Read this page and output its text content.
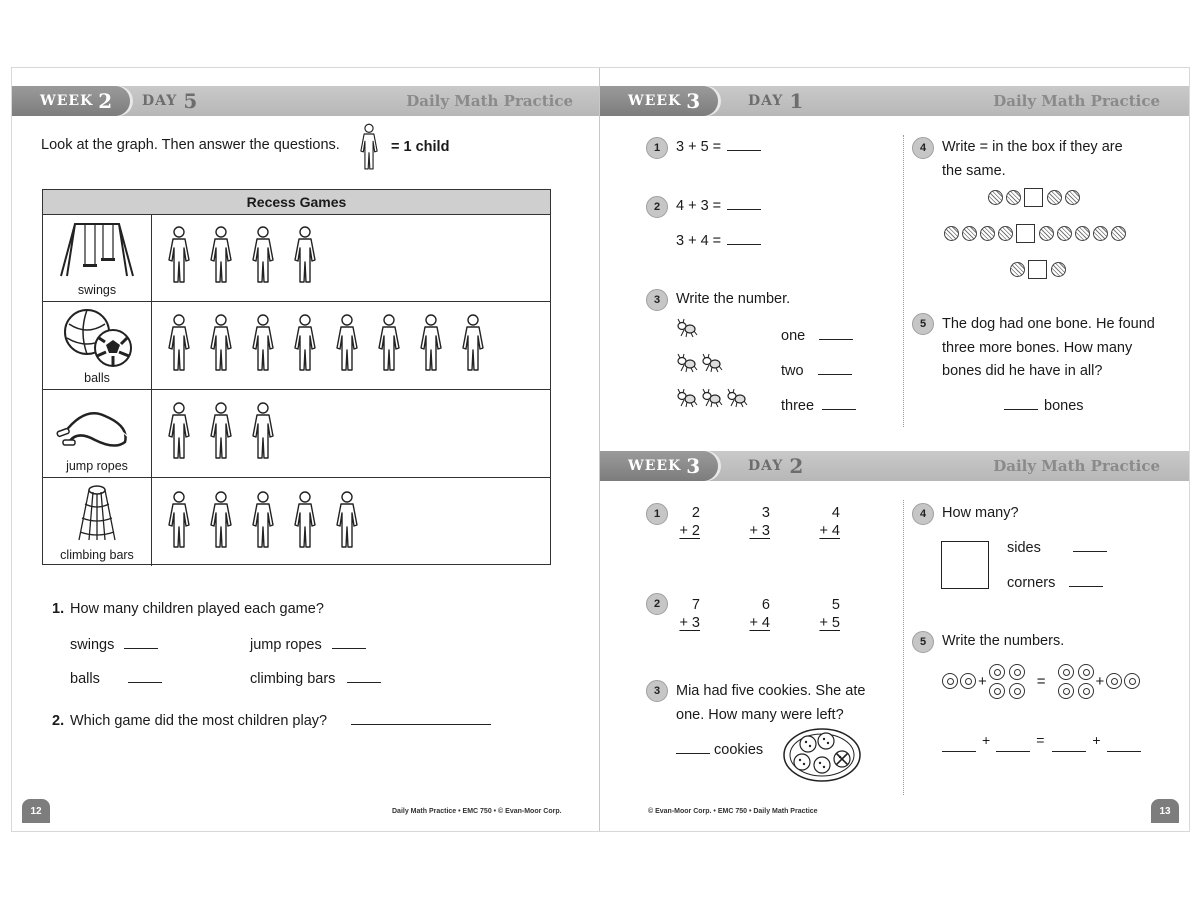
WEEK 2 DAY 5	Daily Math Practice
Look at the graph. Then answer the questions.	= 1 child
Recess Games
swings
balls
jump ropes
climbing bars
1. How many children played each game?
swings	jump ropes
balls	climbing bars
2. Which game did the most children play?
12	Daily Math Practice • EMC 750 • © Evan-Moor Corp.
WEEK 3	DAY 1	Daily Math Practice
1	3 + 5 =
2	4 + 3 =
3 + 4 =
3	Write the number.
one
two
three
4	Write = in the box if they are
the same.
5	The dog had one bone. He found
three more bones. How many
bones did he have in all?
bones
WEEK 3	DAY 2	Daily Math Practice
1	2
+ 2
3
+ 3
4
+ 4
2	7
+ 3
6
+ 4
5
+ 5
3	Mia had five cookies. She ate
one. How many were left?
cookies
4	How many?
sides
corners
5	Write the numbers.
+	=	+
+	=	+
© Evan-Moor Corp. • EMC 750 • Daily Math Practice	13
